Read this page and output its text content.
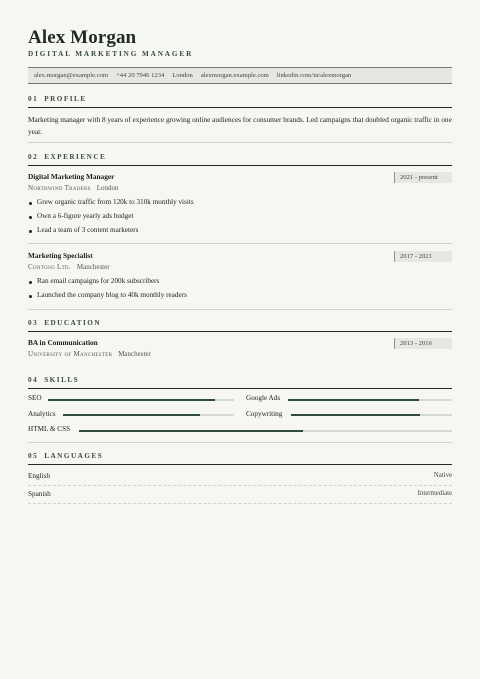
Alex Morgan
DIGITAL MARKETING MANAGER
alex.morgan@example.com +44 20 7946 1234 London alexmorgan.example.com linkedin.com/in/alexmorgan
01 PROFILE
Marketing manager with 8 years of experience growing online audiences for consumer brands. Led campaigns that doubled organic traffic in one year.
02 EXPERIENCE
Digital Marketing Manager	2021 - present
Northwind Traders London
Grew organic traffic from 120k to 310k monthly visits
Own a 6-figure yearly ads budget
Lead a team of 3 content marketers
Marketing Specialist	2017 - 2021
Contoso Ltd. Manchester
Ran email campaigns for 200k subscribers
Launched the company blog to 40k monthly readers
03 EDUCATION
BA in Communication	2013 - 2016
University of Manchester Manchester
04 SKILLS
SEO	Google Ads
Analytics	Copywriting
HTML & CSS
05 LANGUAGES
English	Native
Spanish	Intermediate
